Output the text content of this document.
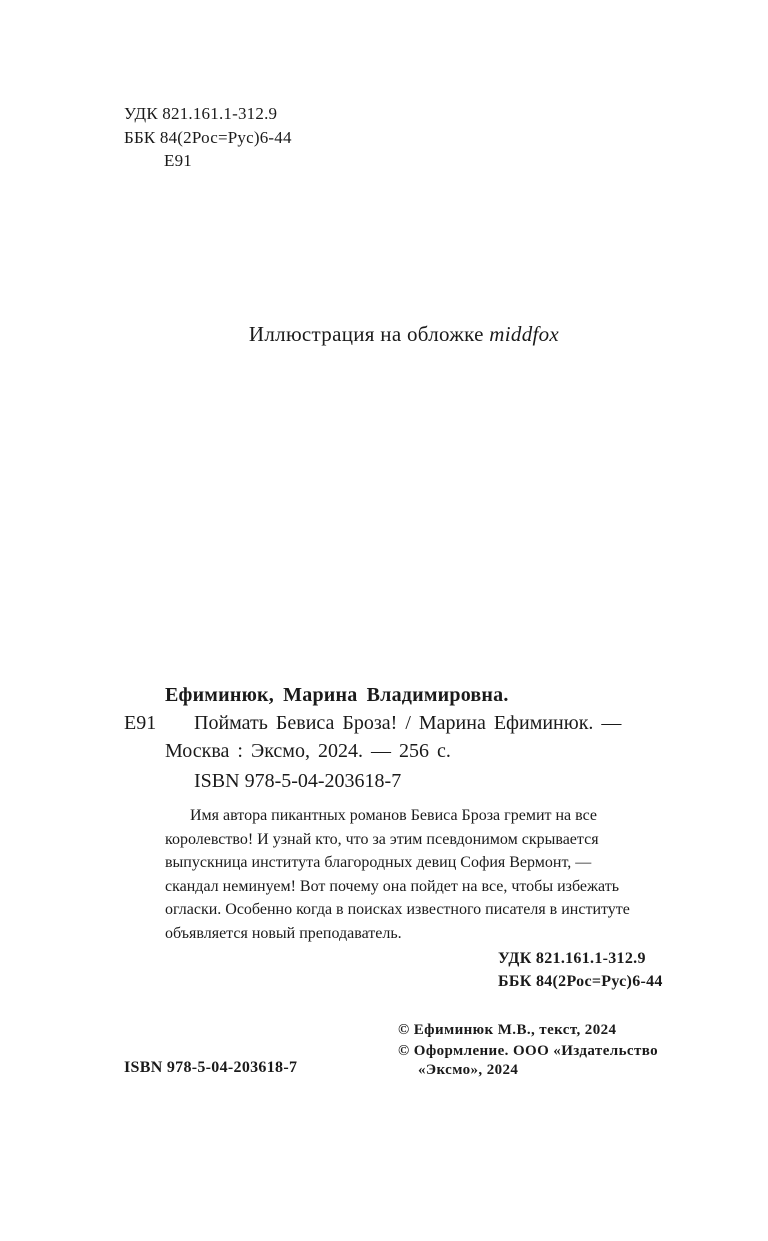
УДК 821.161.1-312.9
ББК 84(2Рос=Рус)6-44
Е91
Иллюстрация на обложке middfox
Ефиминюк, Марина Владимировна.
Е91 Поймать Бевиса Броза! / Марина Ефиминюк. —
Москва : Эксмо, 2024. — 256 с.
ISBN 978-5-04-203618-7
Имя автора пикантных романов Бевиса Броза гремит на все
королевство! И узнай кто, что за этим псевдонимом скрывается
выпускница института благородных девиц София Вермонт, —
скандал неминуем! Вот почему она пойдет на все, чтобы избежать
огласки. Особенно когда в поисках известного писателя в институте
объявляется новый преподаватель.
УДК 821.161.1-312.9
ББК 84(2Рос=Рус)6-44
© Ефиминюк М.В., текст, 2024
© Оформление. ООО «Издательство
«Эксмо», 2024
ISBN 978-5-04-203618-7
